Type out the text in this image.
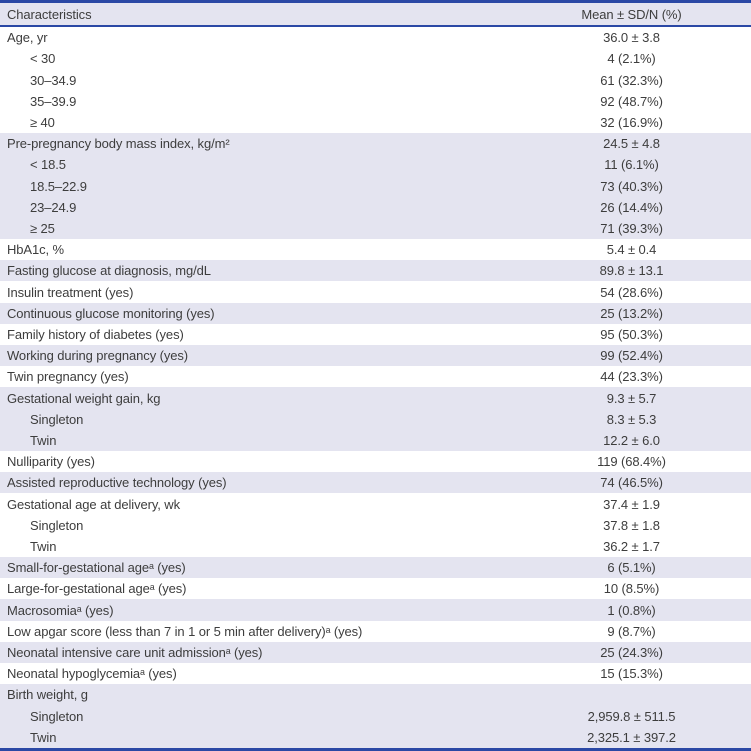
Characteristics	Mean ± SD/N (%)
Age, yr	36.0 ± 3.8
< 30	4 (2.1%)
30–34.9	61 (32.3%)
35–39.9	92 (48.7%)
≥ 40	32 (16.9%)
Pre-pregnancy body mass index, kg/m²	24.5 ± 4.8
< 18.5	11 (6.1%)
18.5–22.9	73 (40.3%)
23–24.9	26 (14.4%)
≥ 25	71 (39.3%)
HbA1c, %	5.4 ± 0.4
Fasting glucose at diagnosis, mg/dL	89.8 ± 13.1
Insulin treatment (yes)	54 (28.6%)
Continuous glucose monitoring (yes)	25 (13.2%)
Family history of diabetes (yes)	95 (50.3%)
Working during pregnancy (yes)	99 (52.4%)
Twin pregnancy (yes)	44 (23.3%)
Gestational weight gain, kg	9.3 ± 5.7
Singleton	8.3 ± 5.3
Twin	12.2 ± 6.0
Nulliparity (yes)	119 (68.4%)
Assisted reproductive technology (yes)	74 (46.5%)
Gestational age at delivery, wk	37.4 ± 1.9
Singleton	37.8 ± 1.8
Twin	36.2 ± 1.7
Small-for-gestational ageᵃ (yes)	6 (5.1%)
Large-for-gestational ageᵃ (yes)	10 (8.5%)
Macrosomiaᵃ (yes)	1 (0.8%)
Low apgar score (less than 7 in 1 or 5 min after delivery)ᵃ (yes)	9 (8.7%)
Neonatal intensive care unit admissionᵃ (yes)	25 (24.3%)
Neonatal hypoglycemiaᵃ (yes)	15 (15.3%)
Birth weight, g
Singleton	2,959.8 ± 511.5
Twin	2,325.1 ± 397.2
